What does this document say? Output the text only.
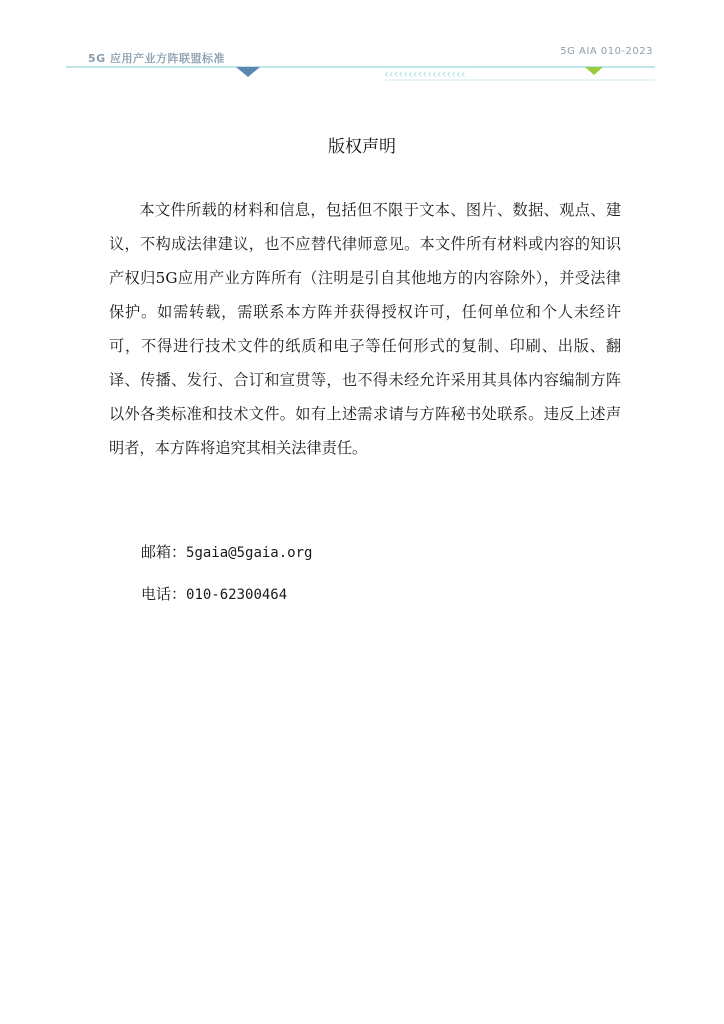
‹‹‹‹‹‹‹‹‹‹‹‹‹‹‹‹‹
5G 应用产业方阵联盟标准
5G AIA 010-2023
版权声明
本文件所载的材料和信息，包括但不限于文本、图片、数据、观点、建议，不构成法律建议，也不应替代律师意见。本文件所有材料或内容的知识产权归5G应用产业方阵所有（注明是引自其他地方的内容除外），并受法律保护。如需转载，需联系本方阵并获得授权许可，任何单位和个人未经许可，不得进行技术文件的纸质和电子等任何形式的复制、印刷、出版、翻译、传播、发行、合订和宣贯等，也不得未经允许采用其具体内容编制方阵以外各类标准和技术文件。如有上述需求请与方阵秘书处联系。违反上述声明者，本方阵将追究其相关法律责任。
邮箱：5gaia@5gaia.org
电话：010-62300464
